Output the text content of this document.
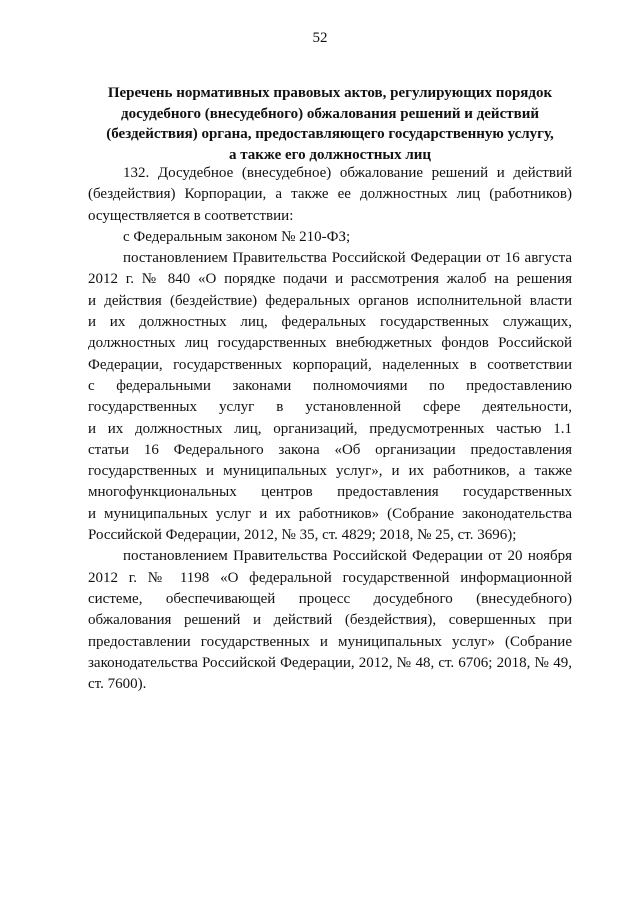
52
Перечень нормативных правовых актов, регулирующих порядок
досудебного (внесудебного) обжалования решений и действий
(бездействия) органа, предоставляющего государственную услугу,
а также его должностных лиц
132. Досудебное (внесудебное) обжалование решений и действий
(бездействия) Корпорации, а также ее должностных лиц (работников)
осуществляется в соответствии:
с Федеральным законом № 210-ФЗ;
постановлением Правительства Российской Федерации от 16 августа
2012 г. № 840 «О порядке подачи и рассмотрения жалоб на решения
и действия (бездействие) федеральных органов исполнительной власти
и их должностных лиц, федеральных государственных служащих,
должностных лиц государственных внебюджетных фондов Российской
Федерации, государственных корпораций, наделенных в соответствии
с федеральными законами полномочиями по предоставлению
государственных услуг в установленной сфере деятельности,
и их должностных лиц, организаций, предусмотренных частью 1.1
статьи 16 Федерального закона «Об организации предоставления
государственных и муниципальных услуг», и их работников, а также
многофункциональных центров предоставления государственных
и муниципальных услуг и их работников» (Собрание законодательства
Российской Федерации, 2012, № 35, ст. 4829; 2018, № 25, ст. 3696);
постановлением Правительства Российской Федерации от 20 ноября
2012 г. № 1198 «О федеральной государственной информационной
системе, обеспечивающей процесс досудебного (внесудебного)
обжалования решений и действий (бездействия), совершенных при
предоставлении государственных и муниципальных услуг» (Собрание
законодательства Российской Федерации, 2012, № 48, ст. 6706; 2018, № 49,
ст. 7600).
